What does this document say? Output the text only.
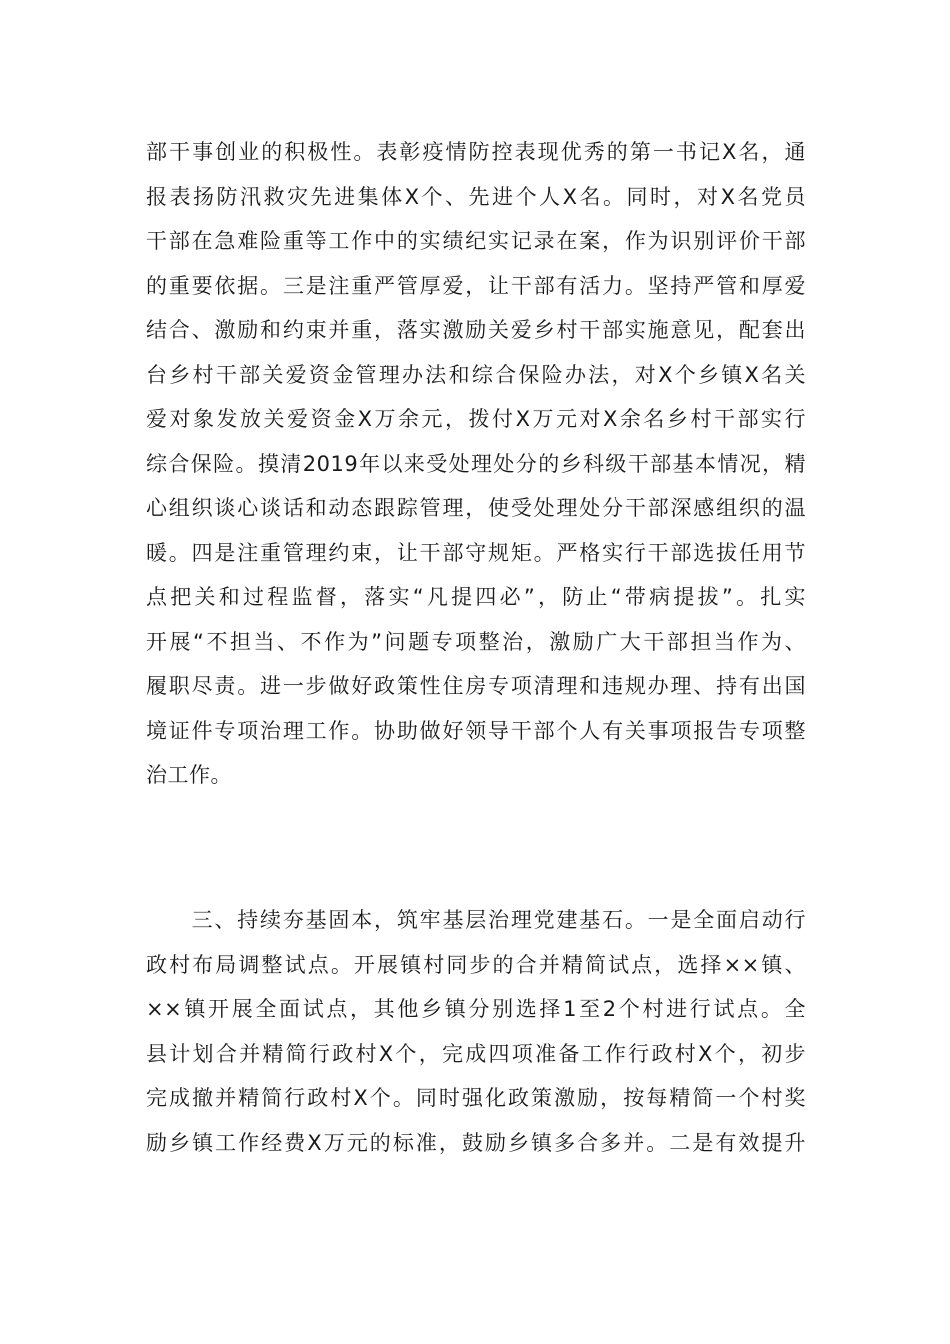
部干事创业的积极性。表彰疫情防控表现优秀的第一书记X名，通
报表扬防汛救灾先进集体X个、先进个人X名。同时，对X名党员
干部在急难险重等工作中的实绩纪实记录在案，作为识别评价干部
的重要依据。三是注重严管厚爱，让干部有活力。坚持严管和厚爱
结合、激励和约束并重，落实激励关爱乡村干部实施意见，配套出
台乡村干部关爱资金管理办法和综合保险办法，对X个乡镇X名关
爱对象发放关爱资金X万余元，拨付X万元对X余名乡村干部实行
综合保险。摸清2019年以来受处理处分的乡科级干部基本情况，精
心组织谈心谈话和动态跟踪管理，使受处理处分干部深感组织的温
暖。四是注重管理约束，让干部守规矩。严格实行干部选拔任用节
点把关和过程监督，落实“凡提四必”，防止“带病提拔”。扎实
开展“不担当、不作为”问题专项整治，激励广大干部担当作为、
履职尽责。进一步做好政策性住房专项清理和违规办理、持有出国
境证件专项治理工作。协助做好领导干部个人有关事项报告专项整
治工作。
　　三、持续夯基固本，筑牢基层治理党建基石。一是全面启动行
政村布局调整试点。开展镇村同步的合并精简试点，选择××镇、
××镇开展全面试点，其他乡镇分别选择1至2个村进行试点。全
县计划合并精简行政村X个，完成四项准备工作行政村X个，初步
完成撤并精简行政村X个。同时强化政策激励，按每精简一个村奖
励乡镇工作经费X万元的标准，鼓励乡镇多合多并。二是有效提升
